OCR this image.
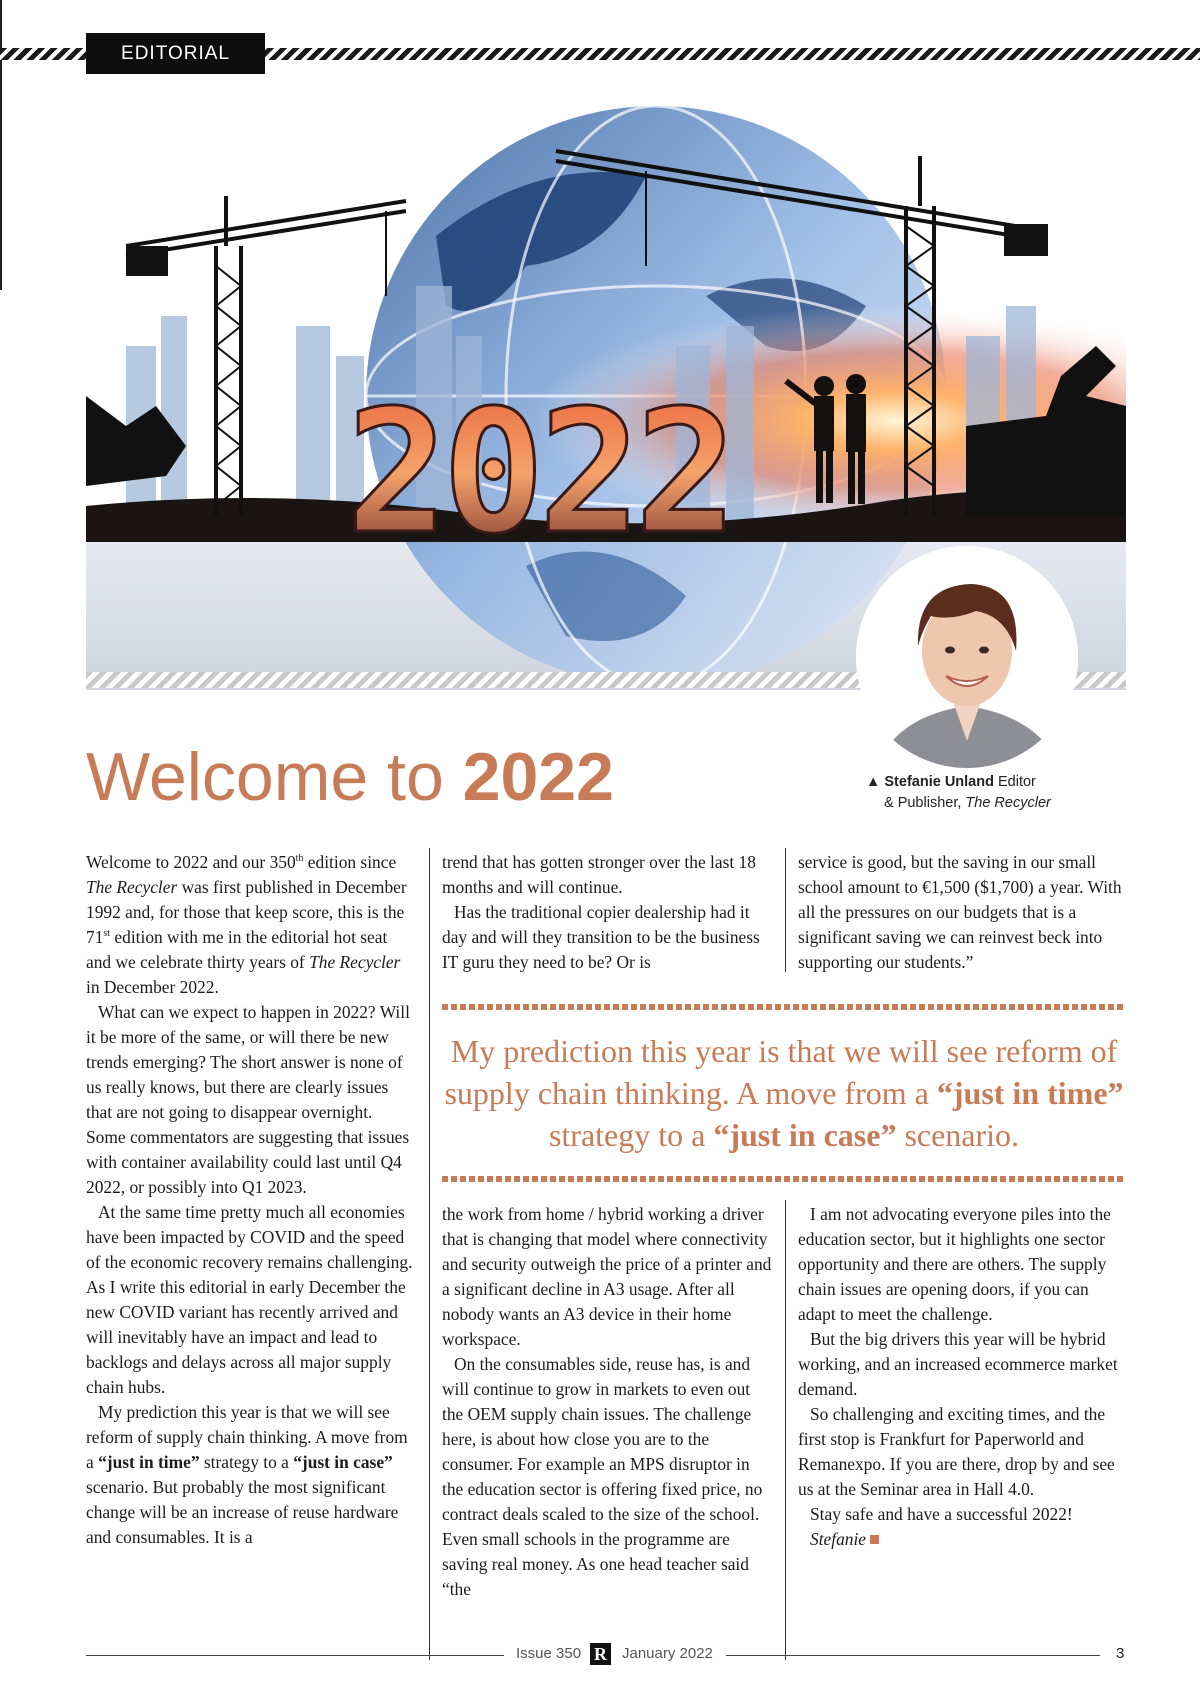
EDITORIAL
2022
Welcome to 2022	▲ Stefanie Unland Editor
& Publisher, The Recycler

Welcome to 2022 and our 350th edition since The Recycler was first published in December 1992 and, for those that keep score, this is the 71st edition with me in the editorial hot seat and we celebrate thirty years of The Recycler in December 2022.

What can we expect to happen in 2022? Will it be more of the same, or will there be new trends emerging? The short answer is none of us really knows, but there are clearly issues that are not going to disappear overnight. Some commentators are suggesting that issues with container availability could last until Q4 2022, or possibly into Q1 2023.

At the same time pretty much all economies have been impacted by COVID and the speed of the economic recovery remains challenging. As I write this editorial in early December the new COVID variant has recently arrived and will inevitably have an impact and lead to backlogs and delays across all major supply chain hubs.

My prediction this year is that we will see reform of supply chain thinking. A move from a “just in time” strategy to a “just in case” scenario. But probably the most significant change will be an increase of reuse hardware and consumables. It is a

trend that has gotten stronger over the last 18 months and will continue.

Has the traditional copier dealership had it day and will they transition to be the business IT guru they need to be? Or is

service is good, but the saving in our small school amount to €1,500 ($1,700) a year. With all the pressures on our budgets that is a significant saving we can reinvest beck into supporting our students.”

My prediction this year is that we will see reform of supply chain thinking. A move from a “just in time” strategy to a “just in case” scenario.

the work from home / hybrid working a driver that is changing that model where connectivity and security outweigh the price of a printer and a significant decline in A3 usage. After all nobody wants an A3 device in their home workspace.

On the consumables side, reuse has, is and will continue to grow in markets to even out the OEM supply chain issues. The challenge here, is about how close you are to the consumer. For example an MPS disruptor in the education sector is offering fixed price, no contract deals scaled to the size of the school. Even small schools in the programme are saving real money. As one head teacher said “the

I am not advocating everyone piles into the education sector, but it highlights one sector opportunity and there are others. The supply chain issues are opening doors, if you can adapt to meet the challenge.

But the big drivers this year will be hybrid working, and an increased ecommerce market demand.

So challenging and exciting times, and the first stop is Frankfurt for Paperworld and Remanexpo. If you are there, drop by and see us at the Seminar area in Hall 4.0.

Stay safe and have a successful 2022!

Stefanie

Issue 350 R January 2022	3
